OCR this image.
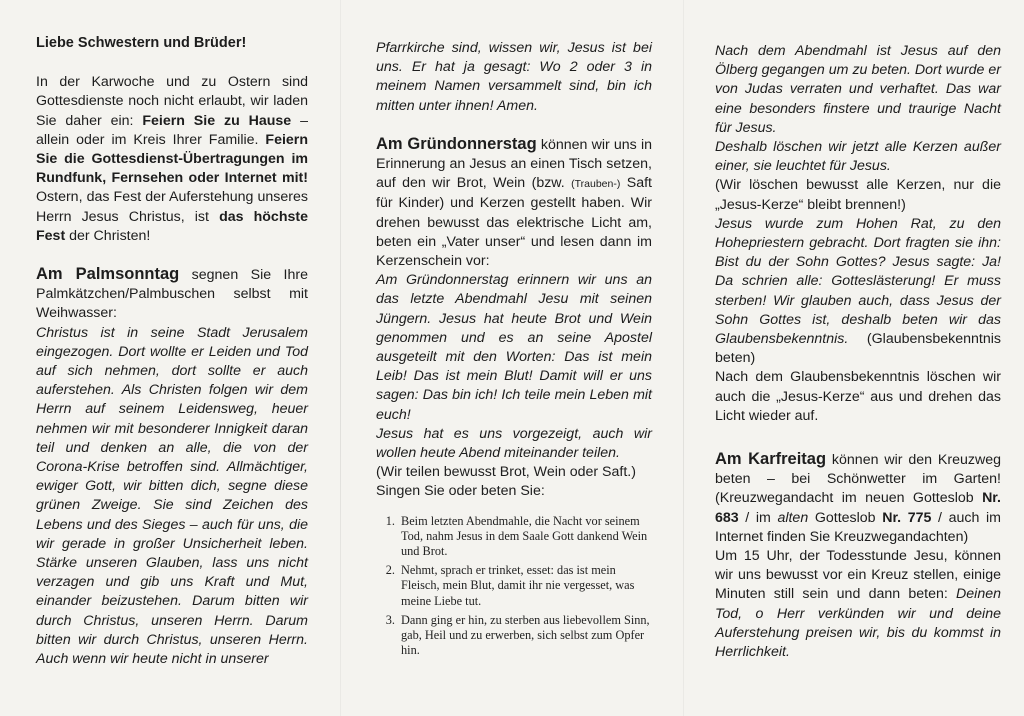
Liebe Schwestern und Brüder!

In der Karwoche und zu Ostern sind Gottesdienste noch nicht erlaubt, wir laden Sie daher ein: Feiern Sie zu Hause – allein oder im Kreis Ihrer Familie. Feiern Sie die Gottesdienst-Übertragungen im Rundfunk, Fernsehen oder Internet mit! Ostern, das Fest der Auferstehung unseres Herrn Jesus Christus, ist das höchste Fest der Christen!

Am Palmsonntag segnen Sie Ihre Palmkätzchen/Palmbuschen selbst mit Weihwasser:

Christus ist in seine Stadt Jerusalem eingezogen. Dort wollte er Leiden und Tod auf sich nehmen, dort sollte er auch auferstehen. Als Christen folgen wir dem Herrn auf seinem Leidensweg, heuer nehmen wir mit besonderer Innigkeit daran teil und denken an alle, die von der Corona-Krise betroffen sind. Allmächtiger, ewiger Gott, wir bitten dich, segne diese grünen Zweige. Sie sind Zeichen des Lebens und des Sieges – auch für uns, die wir gerade in großer Unsicherheit leben. Stärke unseren Glauben, lass uns nicht verzagen und gib uns Kraft und Mut, einander beizustehen. Darum bitten wir durch Christus, unseren Herrn. Darum bitten wir durch Christus, unseren Herrn. Auch wenn wir heute nicht in unserer

Pfarrkirche sind, wissen wir, Jesus ist bei uns. Er hat ja gesagt: Wo 2 oder 3 in meinem Namen versammelt sind, bin ich mitten unter ihnen! Amen.

Am Gründonnerstag können wir uns in Erinnerung an Jesus an einen Tisch setzen, auf den wir Brot, Wein (bzw. (Trauben-) Saft für Kinder) und Kerzen gestellt haben. Wir drehen bewusst das elektrische Licht am, beten ein „Vater unser“ und lesen dann im Kerzenschein vor:

Am Gründonnerstag erinnern wir uns an das letzte Abendmahl Jesu mit seinen Jüngern. Jesus hat heute Brot und Wein genommen und es an seine Apostel ausgeteilt mit den Worten: Das ist mein Leib! Das ist mein Blut! Damit will er uns sagen: Das bin ich! Ich teile mein Leben mit euch!

Jesus hat es uns vorgezeigt, auch wir wollen heute Abend miteinander teilen.

(Wir teilen bewusst Brot, Wein oder Saft.)

Singen Sie oder beten Sie:

1. Beim letzten Abendmahle, die Nacht vor seinem Tod, nahm Jesus in dem Saale Gott dankend Wein und Brot.
2. Nehmt, sprach er trinket, esset: das ist mein Fleisch, mein Blut, damit ihr nie vergesset, was meine Liebe tut.
3. Dann ging er hin, zu sterben aus liebevollem Sinn, gab, Heil und zu erwerben, sich selbst zum Opfer hin.

Nach dem Abendmahl ist Jesus auf den Ölberg gegangen um zu beten. Dort wurde er von Judas verraten und verhaftet. Das war eine besonders finstere und traurige Nacht für Jesus.

Deshalb löschen wir jetzt alle Kerzen außer einer, sie leuchtet für Jesus.

(Wir löschen bewusst alle Kerzen, nur die „Jesus-Kerze“ bleibt brennen!)

Jesus wurde zum Hohen Rat, zu den Hohepriestern gebracht. Dort fragten sie ihn: Bist du der Sohn Gottes? Jesus sagte: Ja! Da schrien alle: Gotteslästerung! Er muss sterben! Wir glauben auch, dass Jesus der Sohn Gottes ist, deshalb beten wir das Glaubensbekenntnis. (Glaubensbekenntnis beten)

Nach dem Glaubensbekenntnis löschen wir auch die „Jesus-Kerze“ aus und drehen das Licht wieder auf.

Am Karfreitag können wir den Kreuzweg beten – bei Schönwetter im Garten! (Kreuzwegandacht im neuen Gotteslob Nr. 683 / im alten Gotteslob Nr. 775 / auch im Internet finden Sie Kreuzwegandachten)

Um 15 Uhr, der Todesstunde Jesu, können wir uns bewusst vor ein Kreuz stellen, einige Minuten still sein und dann beten: Deinen Tod, o Herr verkünden wir und deine Auferstehung preisen wir, bis du kommst in Herrlichkeit.
